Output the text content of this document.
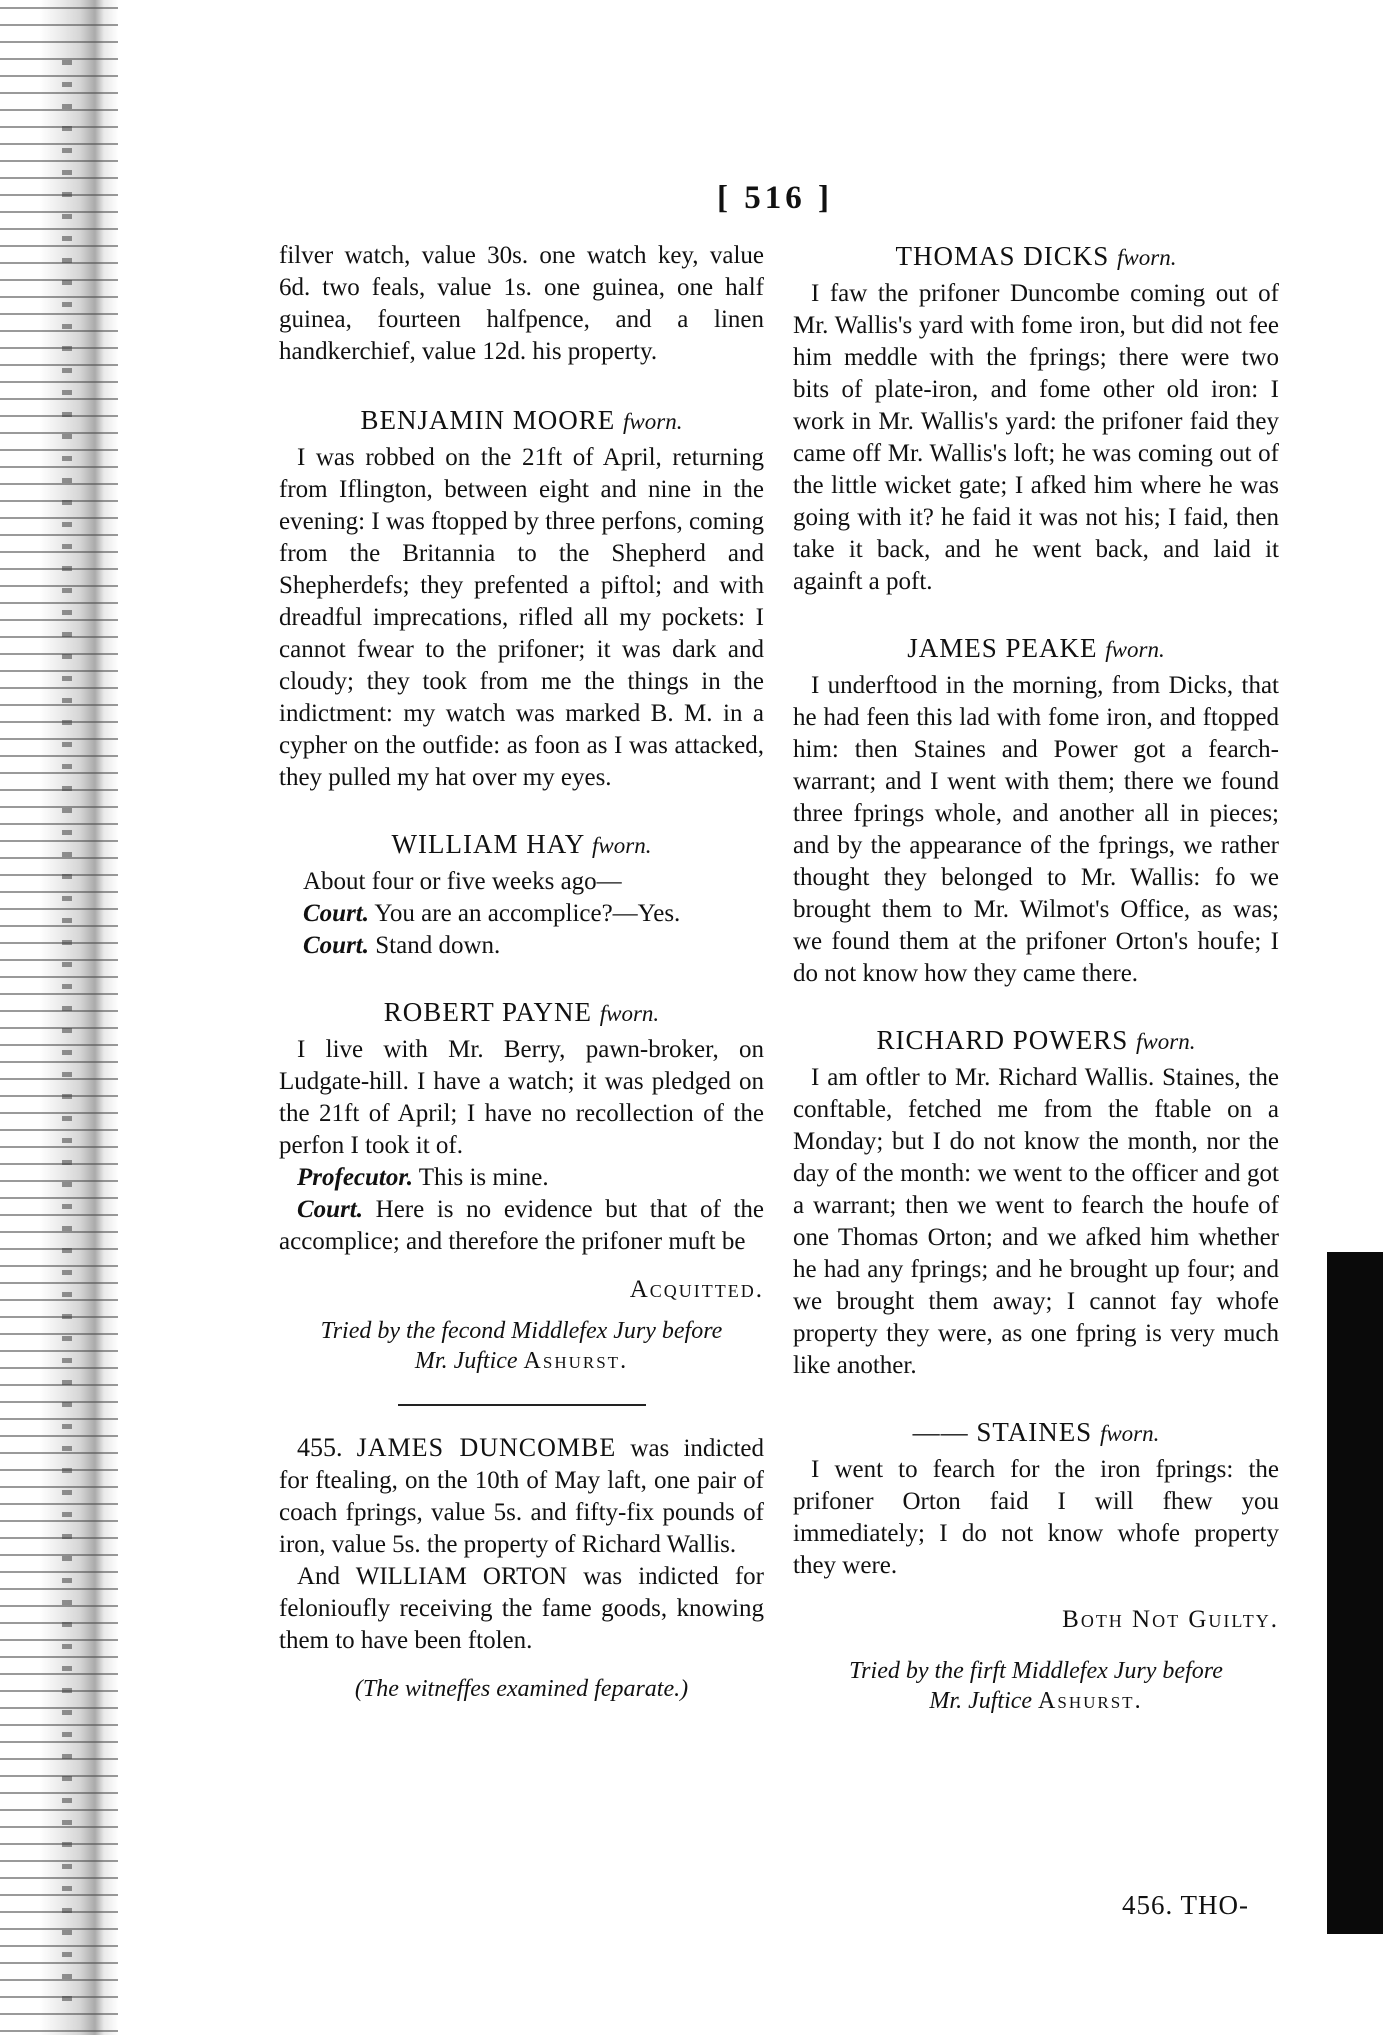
[ 516 ]

filver watch, value 30s. one watch key, value 6d. two feals, value 1s. one guinea, one half guinea, fourteen halfpence, and a linen handkerchief, value 12d. his property.

BENJAMIN MOORE fworn.

I was robbed on the 21ft of April, returning from Iflington, between eight and nine in the evening: I was ftopped by three perfons, coming from the Britannia to the Shepherd and Shepherdefs; they prefented a piftol; and with dreadful imprecations, rifled all my pockets: I cannot fwear to the prifoner; it was dark and cloudy; they took from me the things in the indictment: my watch was marked B. M. in a cypher on the outfide: as foon as I was attacked, they pulled my hat over my eyes.

WILLIAM HAY fworn.
About four or five weeks ago—
Court. You are an accomplice?—Yes.
Court. Stand down.
ROBERT PAYNE fworn.

I live with Mr. Berry, pawn-broker, on Ludgate-hill. I have a watch; it was pledged on the 21ft of April; I have no recollection of the perfon I took it of.

Profecutor. This is mine.

Court. Here is no evidence but that of the accomplice; and therefore the prifoner muft be

Acquitted.
Tried by the fecond Middlefex Jury before
Mr. Juftice Ashurst.

455. JAMES DUNCOMBE was indicted for ftealing, on the 10th of May laft, one pair of coach fprings, value 5s. and fifty-fix pounds of iron, value 5s. the property of Richard Wallis.

And WILLIAM ORTON was indicted for felonioufly receiving the fame goods, knowing them to have been ftolen.

(The witneffes examined feparate.)
THOMAS DICKS fworn.

I faw the prifoner Duncombe coming out of Mr. Wallis's yard with fome iron, but did not fee him meddle with the fprings; there were two bits of plate-iron, and fome other old iron: I work in Mr. Wallis's yard: the prifoner faid they came off Mr. Wallis's loft; he was coming out of the little wicket gate; I afked him where he was going with it? he faid it was not his; I faid, then take it back, and he went back, and laid it againft a poft.

JAMES PEAKE fworn.

I underftood in the morning, from Dicks, that he had feen this lad with fome iron, and ftopped him: then Staines and Power got a fearch-warrant; and I went with them; there we found three fprings whole, and another all in pieces; and by the appearance of the fprings, we rather thought they belonged to Mr. Wallis: fo we brought them to Mr. Wilmot's Office, as was; we found them at the prifoner Orton's houfe; I do not know how they came there.

RICHARD POWERS fworn.

I am oftler to Mr. Richard Wallis. Staines, the conftable, fetched me from the ftable on a Monday; but I do not know the month, nor the day of the month: we went to the officer and got a warrant; then we went to fearch the houfe of one Thomas Orton; and we afked him whether he had any fprings; and he brought up four; and we brought them away; I cannot fay whofe property they were, as one fpring is very much like another.

—— STAINES fworn.

I went to fearch for the iron fprings: the prifoner Orton faid I will fhew you immediately; I do not know whofe property they were.

Both Not Guilty.
Tried by the firft Middlefex Jury before
Mr. Juftice Ashurst.
456. THO-
